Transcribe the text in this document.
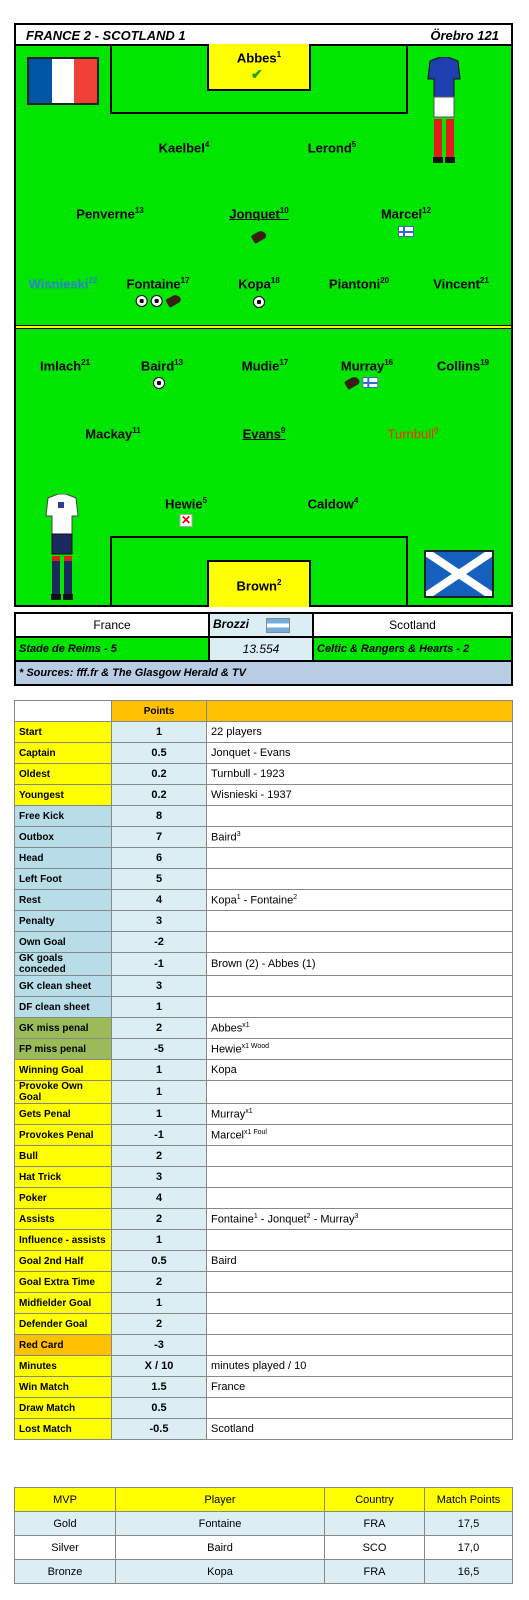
FRANCE 2 - SCOTLAND 1	Örebro 121
Abbes$^1$
✔
Kaelbel$^4$	Lerond$^5$
Penverne$^{13}$	Jonquet$^{10}$	Marcel$^{12}$
Wisnieski$^{22}$ Fontaine$^{17}$
	Kopa$^{18}$	Piantoni$^{20}$	Vincent$^{21}$
Imlach$^{21}$	Baird$^{13}$	Mudie$^{17}$	Murray$^{16}$
	Collins$^{19}$
Mackay$^{11}$	Evans$^9$	Turnbull$^8$
Hewie$^5$
✕
Caldow$^4$
Brown$^2$
France	Brozzi	Scotland
Stade de Reims - 5	13.554	Celtic & Rangers & Hearts - 2
* Sources: fff.fr & The Glasgow Herald & TV		
	Points	
Start	1	22 players
Captain	0.5	Jonquet - Evans
Oldest	0.2	Turnbull - 1923
Youngest	0.2	Wisnieski - 1937
Free Kick	8	
Outbox	7	Baird$^3$
Head	6	
Left Foot	5	
Rest	4	Kopa$^1$ - Fontaine$^2$
Penalty	3	
Own Goal	-2	
GK goals conceded	-1	Brown (2) - Abbes (1)
GK clean sheet	3	
DF clean sheet	1	
GK miss penal	2	Abbes$^{x1}$
FP miss penal	-5	Hewie$^{x1 Wood}$
Winning Goal	1	Kopa
Provoke Own Goal	1	
Gets Penal	1	Murray$^{x1}$
Provokes Penal	-1	Marcel$^{x1 Foul}$
Bull	2	
Hat Trick	3	
Poker	4	
Assists	2	Fontaine$^1$ - Jonquet$^2$ - Murray$^3$
Influence - assists	1	
Goal 2nd Half	0.5	Baird
Goal Extra Time	2	
Midfielder Goal	1	
Defender Goal	2	
Red Card	-3	
Minutes	X / 10	minutes played / 10
Win Match	1.5	France
Draw Match	0.5	
Lost Match	-0.5	Scotland
MVP	Player	Country	Match Points
Gold	Fontaine	FRA	17,5
Silver	Baird	SCO	17,0
Bronze	Kopa	FRA	16,5
